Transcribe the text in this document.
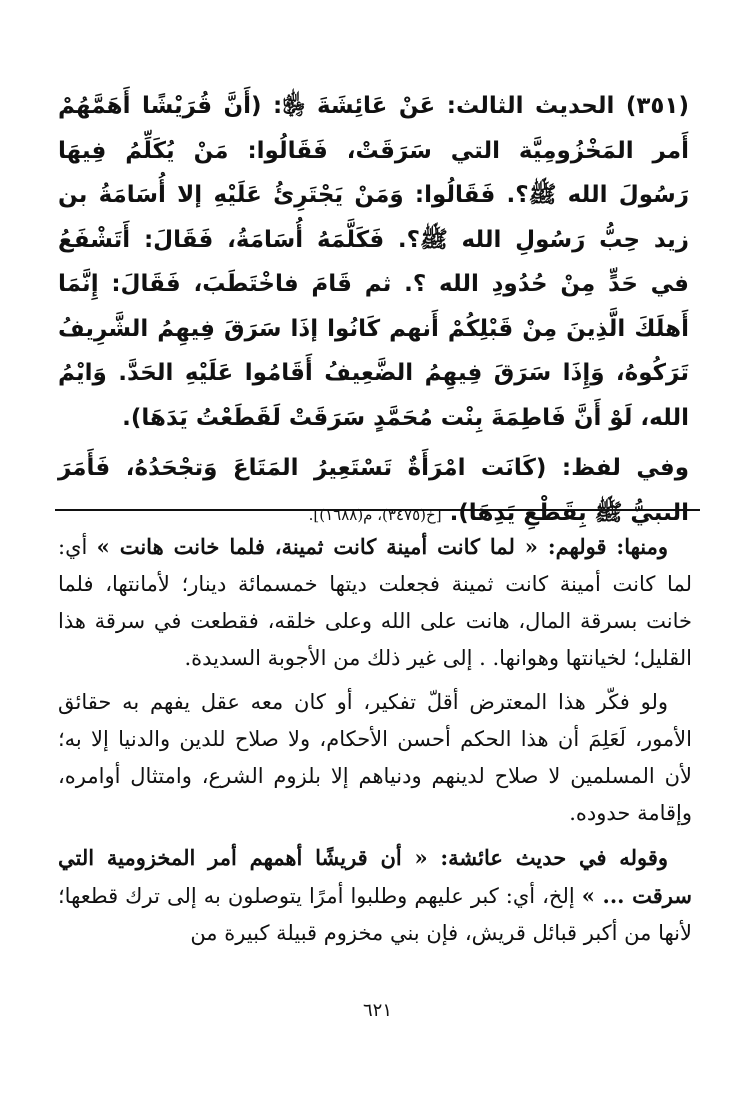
(٣٥١) الحديث الثالث: عَنْ عَائِشَةَ ﵂: (أَنَّ قُرَيْشًا أَهَمَّهُمْ أَمر المَخْزُومِيَّة التي سَرَقَتْ، فَقَالُوا: مَنْ يُكَلِّمُ فِيهَا رَسُولَ الله ﷺ؟. فَقَالُوا: وَمَنْ يَجْتَرِئُ عَلَيْهِ إلا أُسَامَةُ بن زيد حِبُّ رَسُولِ الله ﷺ؟. فَكَلَّمَهُ أُسَامَةُ، فَقَالَ: أَتَشْفَعُ في حَدٍّ مِنْ حُدُودِ الله ؟. ثم قَامَ فاخْتَطَبَ، فَقَالَ: إِنَّمَا أَهلَكَ الَّذِينَ مِنْ قَبْلِكُمْ أَنهم كَانُوا إذَا سَرَقَ فِيهِمُ الشَّرِيفُ تَرَكُوهُ، وَإِذَا سَرَقَ فِيهِمُ الضَّعِيفُ أَقَامُوا عَلَيْهِ الحَدَّ. وَايْمُ الله، لَوْ أَنَّ فَاطِمَةَ بِنْت مُحَمَّدٍ سَرَقَتْ لَقَطَعْتُ يَدَهَا).

وفي لفظ: (كَانَت امْرَأَةٌ تَسْتَعِيرُ المَتَاعَ وَتجْحَدُهُ، فَأَمَرَ النبيُّ ﷺ بِقَطْعِ يَدِهَا). [خ(٣٤٧٥)، م(١٦٨٨)].

ومنها: قولهم: « لما كانت أمينة كانت ثمينة، فلما خانت هانت » أي: لما كانت أمينة كانت ثمينة فجعلت ديتها خمسمائة دينار؛ لأمانتها، فلما خانت بسرقة المال، هانت على الله وعلى خلقه، فقطعت في سرقة هذا القليل؛ لخيانتها وهوانها. . إلى غير ذلك من الأجوبة السديدة.

ولو فكّر هذا المعترض أقلّ تفكير، أو كان معه عقل يفهم به حقائق الأمور، لَعَلِمَ أن هذا الحكم أحسن الأحكام، ولا صلاح للدين والدنيا إلا به؛ لأن المسلمين لا صلاح لدينهم ودنياهم إلا بلزوم الشرع، وامتثال أوامره، وإقامة حدوده.

وقوله في حديث عائشة: « أن قريشًا أهمهم أمر المخزومية التي سرقت ... » إلخ، أي: كبر عليهم وطلبوا أمرًا يتوصلون به إلى ترك قطعها؛ لأنها من أكبر قبائل قريش، فإن بني مخزوم قبيلة كبيرة من

٦٢١
